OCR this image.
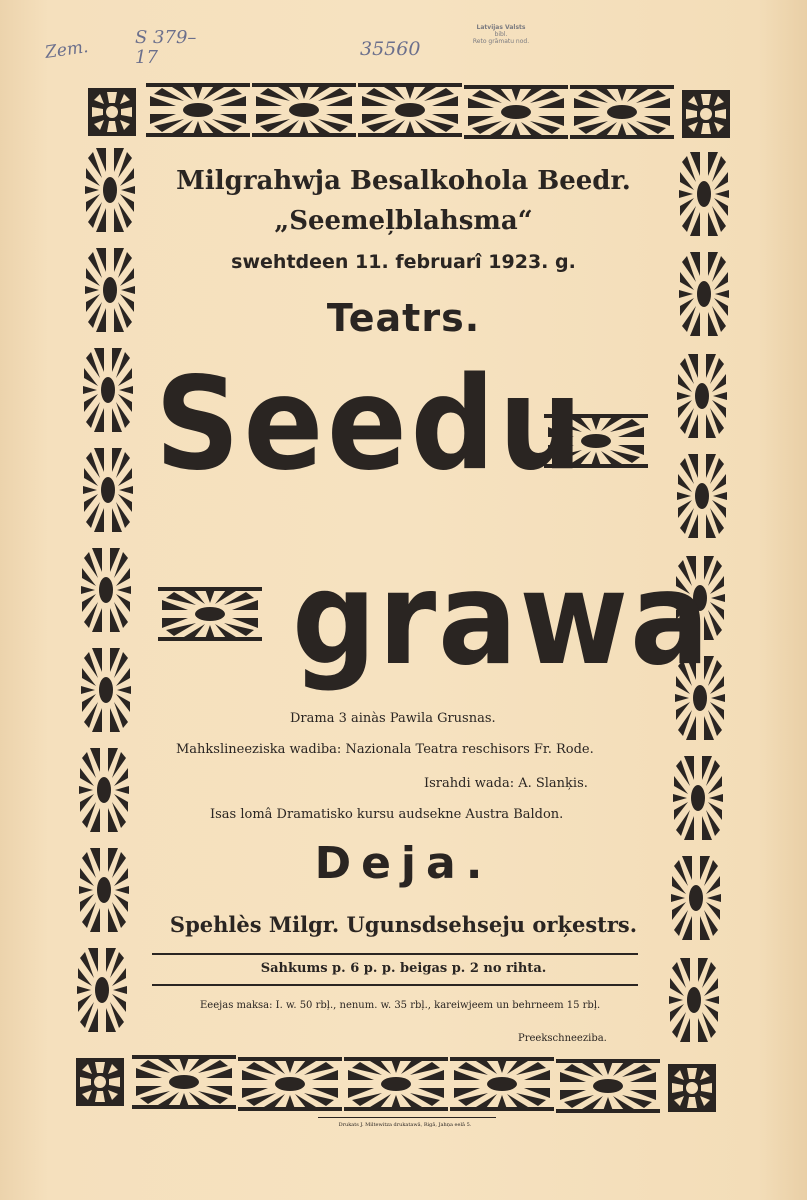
Zem.	S 379–17	35560
Latvijas Valsts
bibl.
Reto grāmatu nod.
Milgrahwja Besalkohola Beedr.
„Seemeļblahsma“
swehtdeen 11. februarî 1923. g.
Teatrs.
Seedu
grawa
Drama 3 ainàs Pawila Grusnas.
Mahkslineeziska wadiba: Nazionala Teatra reschisors Fr. Rode.
Israhdi wada: A. Slanķis.
Isas lomâ Dramatisko kursu audsekne Austra Baldon.
Deja.
Spehlès Milgr. Ugunsdsehseju orķestrs.
Sahkums p. 6 p. p. beigas p. 2 no rihta.
Eeejas maksa: I. w. 50 rbļ., nenum. w. 35 rbļ., kareiwjeem un behrneem 15 rbļ.
Preekschneeziba.
Drukats J. Miltewitza drukatawâ, Rigâ, Jahņa eelâ 5.
